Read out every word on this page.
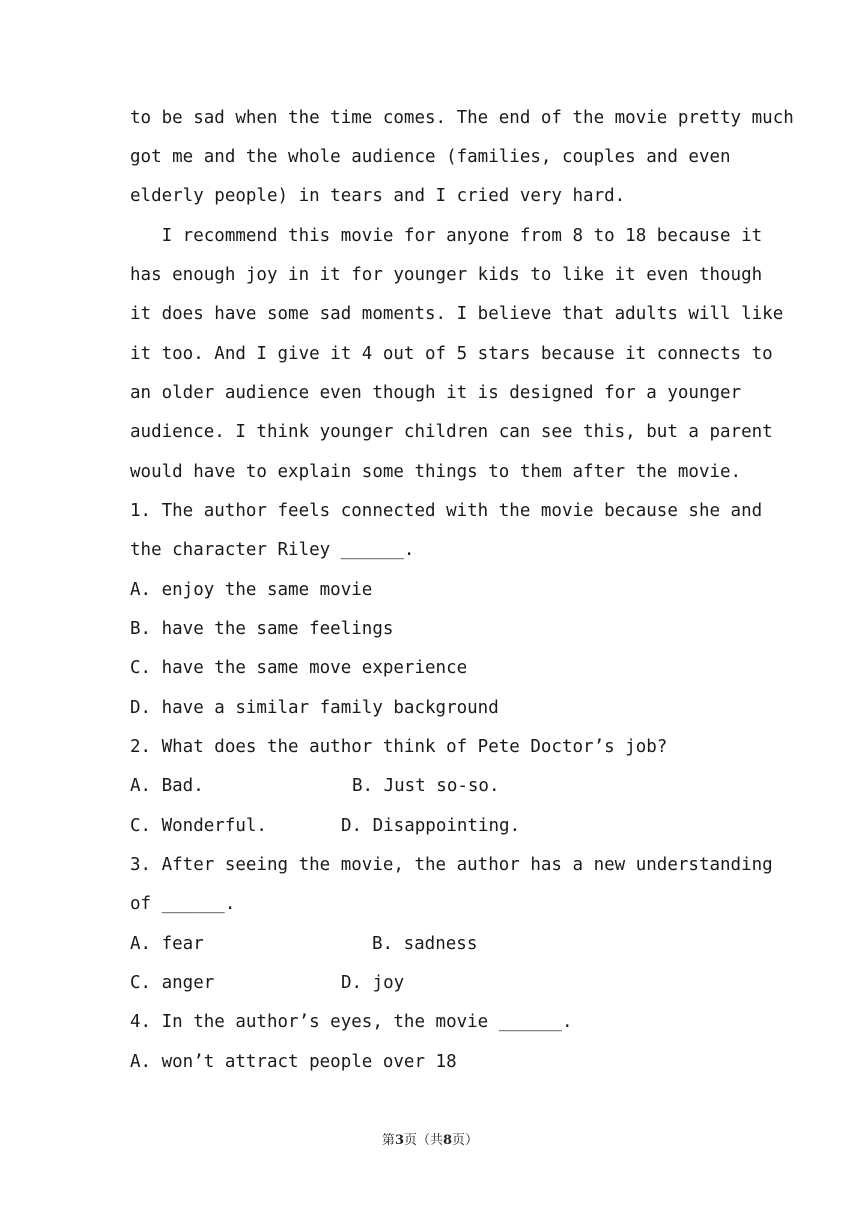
to be sad when the time comes. The end of the movie pretty much
got me and the whole audience (families, couples and even
elderly people) in tears and I cried very hard.
I recommend this movie for anyone from 8 to 18 because it
has enough joy in it for younger kids to like it even though
it does have some sad moments. I believe that adults will like
it too. And I give it 4 out of 5 stars because it connects to
an older audience even though it is designed for a younger
audience. I think younger children can see this, but a parent
would have to explain some things to them after the movie.
1. The author feels connected with the movie because she and
the character Riley ______.
A. enjoy the same movie
B. have the same feelings
C. have the same move experience
D. have a similar family background
2. What does the author think of Pete Doctor’s job?

A. Bad.

	B. Just so-so.

C. Wonderful.

	D. Disappointing.

3. After seeing the movie, the author has a new understanding
of ______.

A. fear

	B. sadness

C. anger

	D. joy

4. In the author’s eyes, the movie ______.
A. won’t attract people over 18
第3页（共8页）
